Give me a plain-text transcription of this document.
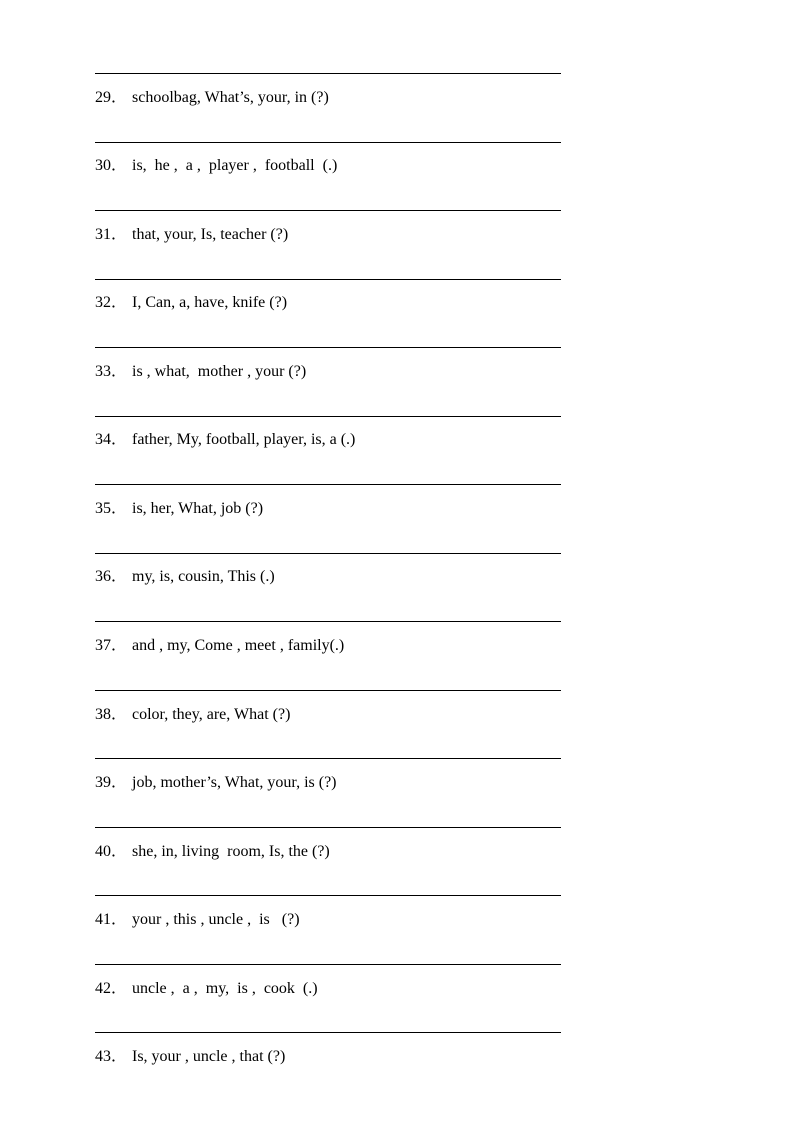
29． schoolbag, What’s, your, in (?)
30． is,  he ,  a ,  player ,  football  (.)
31． that, your, Is, teacher (?)
32． I, Can, a, have, knife (?)
33． is , what,  mother , your (?)
34． father, My, football, player, is, a (.)
35． is, her, What, job (?)
36． my, is, cousin, This (.)
37． and , my, Come , meet , family(.)
38． color, they, are, What (?)
39． job, mother’s, What, your, is (?)
40． she, in, living  room, Is, the (?)
41． your , this , uncle ,  is   (?)
42． uncle ,  a ,  my,  is ,  cook  (.)
43． Is, your , uncle , that (?)
